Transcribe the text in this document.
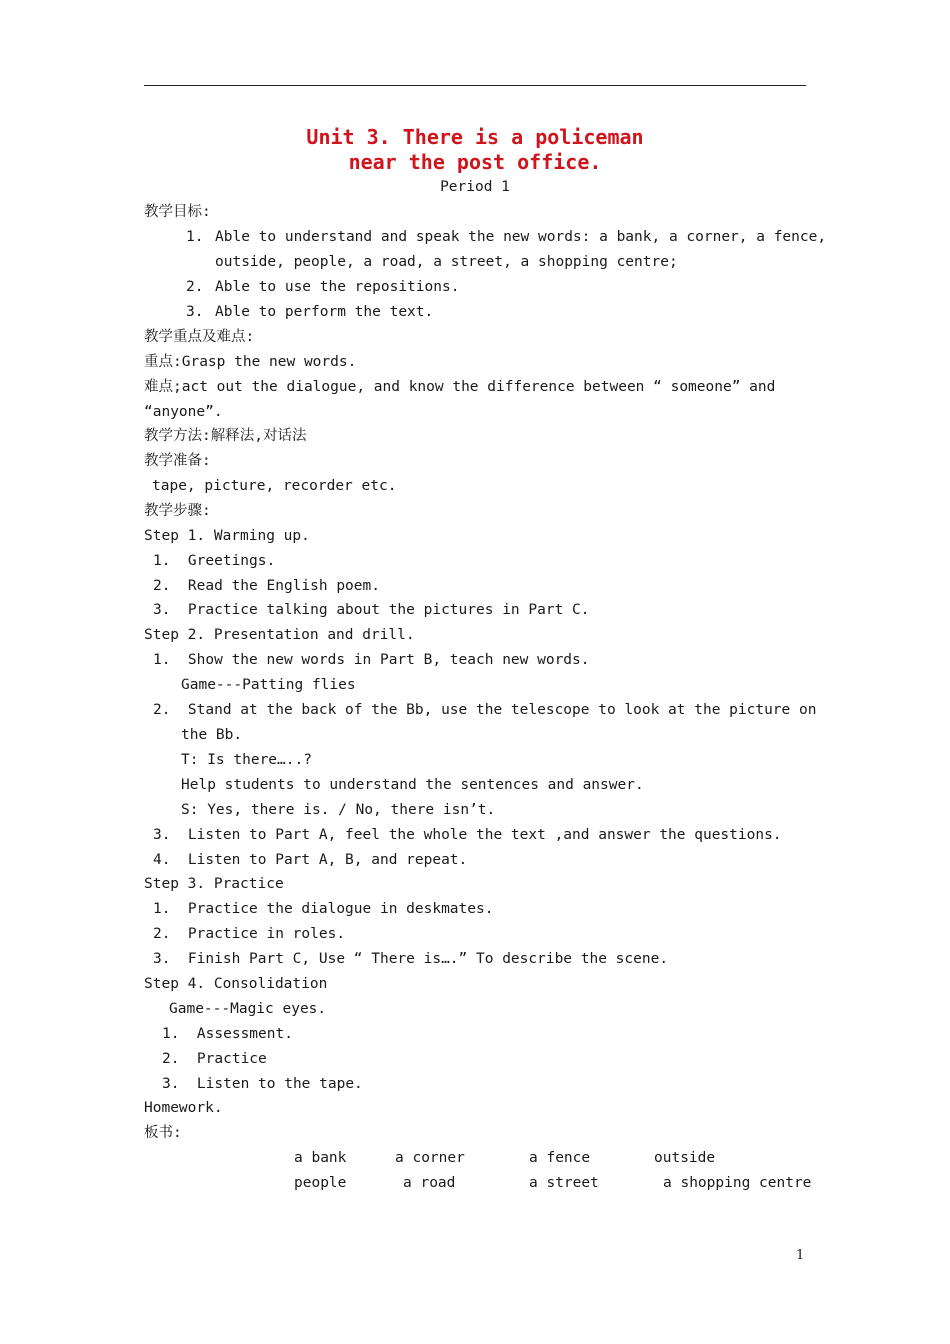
Unit 3. There is a policeman
near the post office.
Period 1
教学目标:
1. Able to understand and speak the new words: a bank, a corner, a fence,
outside, people, a road, a street, a shopping centre;
2. Able to use the repositions.
3. Able to perform the text.
教学重点及难点:
重点:Grasp the new words.
难点;act out the dialogue, and know the difference between “ someone” and
“anyone”.
教学方法:解释法,对话法
教学准备:
tape, picture, recorder etc.
教学步骤:
Step 1. Warming up.
1.  Greetings.
2.  Read the English poem.
3.  Practice talking about the pictures in Part C.
Step 2. Presentation and drill.
1.  Show the new words in Part B, teach new words.
Game---Patting flies
2.  Stand at the back of the Bb, use the telescope to look at the picture on
the Bb.
T: Is there…..?
Help students to understand the sentences and answer.
S: Yes, there is. / No, there isn’t.
3.  Listen to Part A, feel the whole the text ,and answer the questions.
4.  Listen to Part A, B, and repeat.
Step 3. Practice
1.  Practice the dialogue in deskmates.
2.  Practice in roles.
3.  Finish Part C, Use “ There is….” To describe the scene.
Step 4. Consolidation
Game---Magic eyes.
1.  Assessment.
2.  Practice
3.  Listen to the tape.
Homework.
板书:
a bank	a corner	a fence	outside
people	a road	a street	a shopping centre
1
